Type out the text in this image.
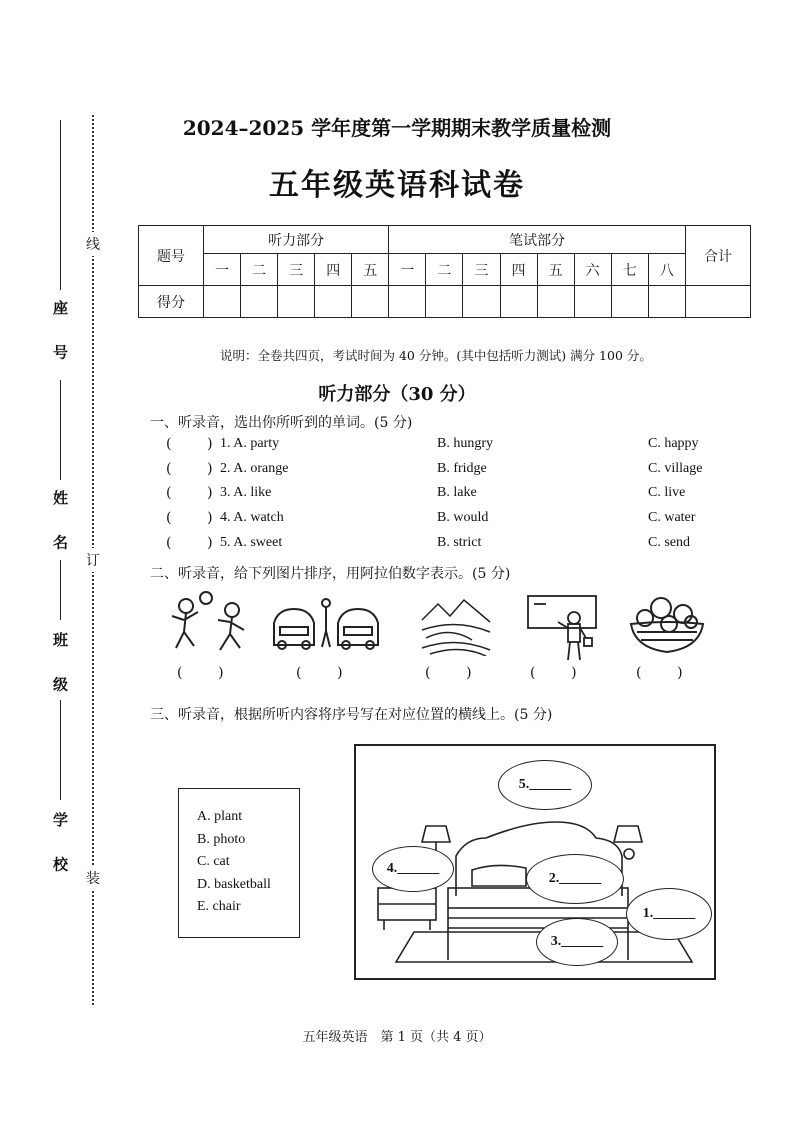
线
订
装
座 号
姓 名
班 级
学 校
2024–2025 学年度第一学期期末教学质量检测
五年级英语科试卷
题号	听力部分					笔试部分								合计
	一	二	三	四	五	一	二	三	四	五	六	七	八	
得分														
说明：全卷共四页，考试时间为 40 分钟。(其中包括听力测试) 满分 100 分。
听力部分（30 分）
一、听录音，选出你所听到的单词。(5 分)
(        ) 1. A. party	B. hungry	C. happy
(        ) 2. A. orange	B. fridge	C. village
(        ) 3. A. like	B. lake	C. live
(        ) 4. A. watch	B. would	C. water
(        ) 5. A. sweet	B. strict	C. send
二、听录音，给下列图片排序，用阿拉伯数字表示。(5 分)
(        )	(        )	(        )	(        )	(        )
三、听录音，根据所听内容将序号写在对应位置的横线上。(5 分)
A. plant
B. photo
C. cat
D. basketball
E. chair
5. ______
4. ______
2. ______
1. ______
3. ______
五年级英语　第 1 页（共 4 页）
